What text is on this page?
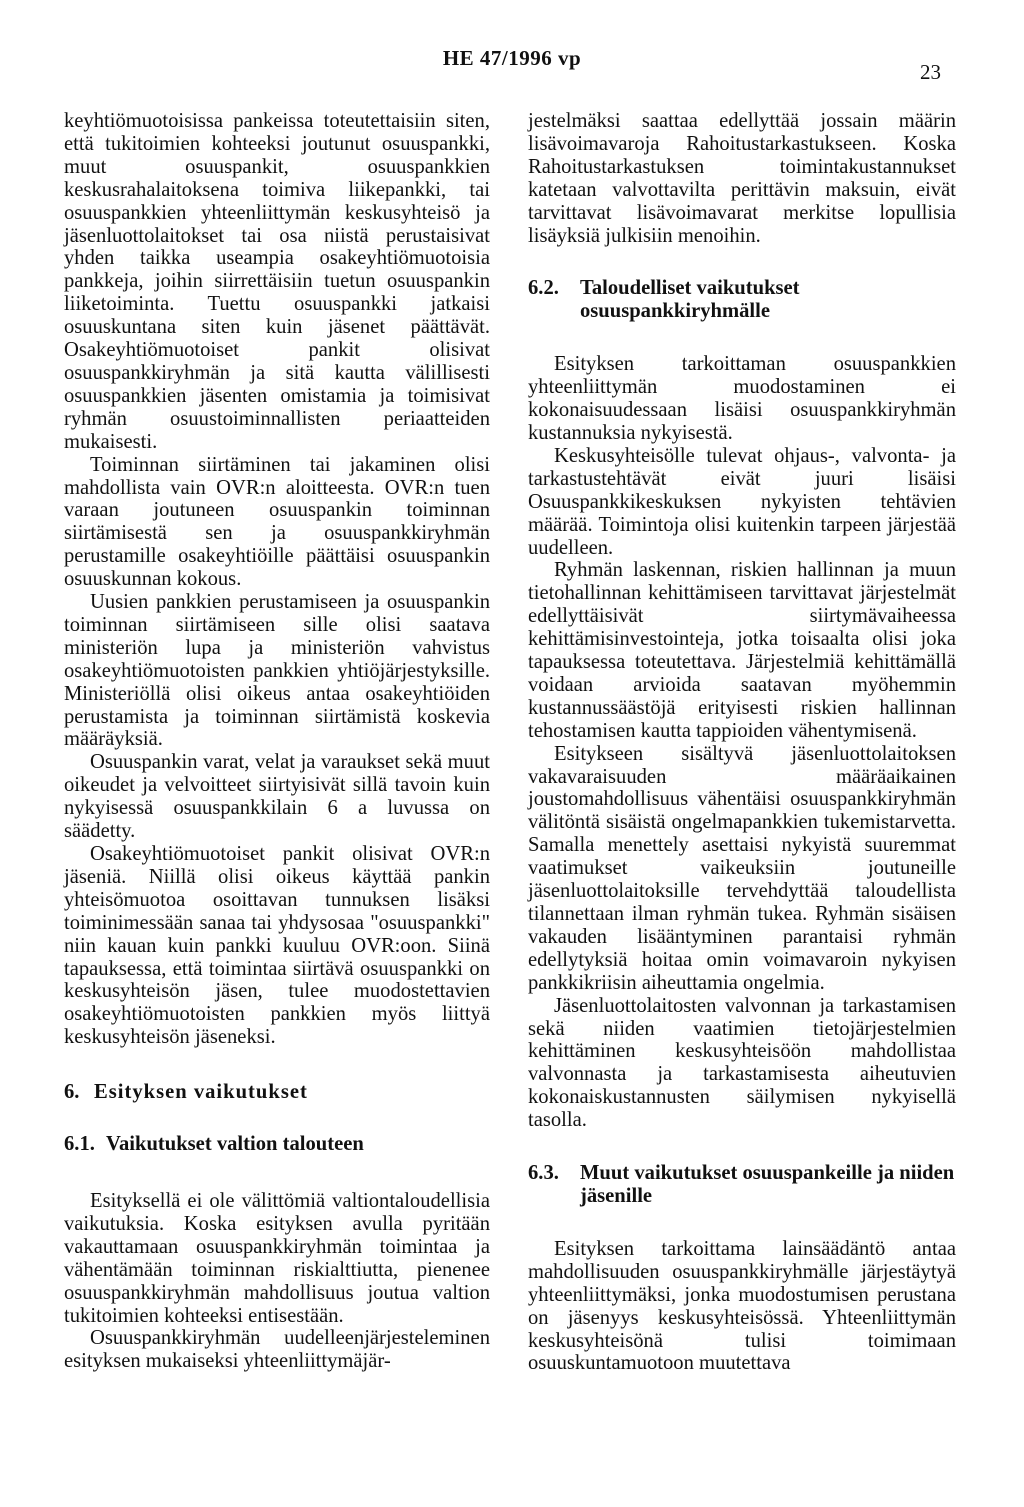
HE 47/1996 vp
23

keyhtiömuotoisissa pankeissa toteutettaisiin siten, että tukitoimien kohteeksi joutunut osuuspankki, muut osuuspankit, osuuspankkien keskusrahalaitoksena toimiva liikepankki, tai osuuspankkien yhteenliittymän keskusyhteisö ja jäsenluottolaitokset tai osa niistä perustaisivat yhden taikka useampia osakeyhtiömuotoisia pankkeja, joihin siirrettäisiin tuetun osuuspankin liiketoiminta. Tuettu osuuspankki jatkaisi osuuskuntana siten kuin jäsenet päättävät. Osakeyhtiömuotoiset pankit olisivat osuuspankkiryhmän ja sitä kautta välillisesti osuuspankkien jäsenten omistamia ja toimisivat ryhmän osuustoiminnallisten periaatteiden mukaisesti.

Toiminnan siirtäminen tai jakaminen olisi mahdollista vain OVR:n aloitteesta. OVR:n tuen varaan joutuneen osuuspankin toiminnan siirtämisestä sen ja osuuspankkiryhmän perustamille osakeyhtiöille päättäisi osuuspankin osuuskunnan kokous.

Uusien pankkien perustamiseen ja osuuspankin toiminnan siirtämiseen sille olisi saatava ministeriön lupa ja ministeriön vahvistus osakeyhtiömuotoisten pankkien yhtiöjärjestyksille. Ministeriöllä olisi oikeus antaa osakeyhtiöiden perustamista ja toiminnan siirtämistä koskevia määräyksiä.

Osuuspankin varat, velat ja varaukset sekä muut oikeudet ja velvoitteet siirtyisivät sillä tavoin kuin nykyisessä osuuspankkilain 6 a luvussa on säädetty.

Osakeyhtiömuotoiset pankit olisivat OVR:n jäseniä. Niillä olisi oikeus käyttää pankin yhteisömuotoa osoittavan tunnuksen lisäksi toiminimessään sanaa tai yhdysosaa "osuuspankki" niin kauan kuin pankki kuuluu OVR:oon. Siinä tapauksessa, että toimintaa siirtävä osuuspankki on keskusyhteisön jäsen, tulee muodostettavien osakeyhtiömuotoisten pankkien myös liittyä keskusyhteisön jäseneksi.

6. Esityksen vaikutukset
6.1. Vaikutukset valtion talouteen

Esityksellä ei ole välittömiä valtiontaloudellisia vaikutuksia. Koska esityksen avulla pyritään vakauttamaan osuuspankkiryhmän toimintaa ja vähentämään toiminnan riskialttiutta, pienenee osuuspankkiryhmän mahdollisuus joutua valtion tukitoimien kohteeksi entisestään.

Osuuspankkiryhmän uudelleenjärjesteleminen esityksen mukaiseksi yhteenliittymäjär-

jestelmäksi saattaa edellyttää jossain määrin lisävoimavaroja Rahoitustarkastukseen. Koska Rahoitustarkastuksen toimintakustannukset katetaan valvottavilta perittävin maksuin, eivät tarvittavat lisävoimavarat merkitse lopullisia lisäyksiä julkisiin menoihin.

6.2.	Taloudelliset vaikutukset osuuspankkiryhmälle

Esityksen tarkoittaman osuuspankkien yhteenliittymän muodostaminen ei kokonaisuudessaan lisäisi osuuspankkiryhmän kustannuksia nykyisestä.

Keskusyhteisölle tulevat ohjaus-, valvonta- ja tarkastustehtävät eivät juuri lisäisi Osuuspankkikeskuksen nykyisten tehtävien määrää. Toimintoja olisi kuitenkin tarpeen järjestää uudelleen.

Ryhmän laskennan, riskien hallinnan ja muun tietohallinnan kehittämiseen tarvittavat järjestelmät edellyttäisivät siirtymävaiheessa kehittämisinvestointeja, jotka toisaalta olisi joka tapauksessa toteutettava. Järjestelmiä kehittämällä voidaan arvioida saatavan myöhemmin kustannussäästöjä erityisesti riskien hallinnan tehostamisen kautta tappioiden vähentymisenä.

Esitykseen sisältyvä jäsenluottolaitoksen vakavaraisuuden määräaikainen joustomahdollisuus vähentäisi osuuspankkiryhmän välitöntä sisäistä ongelmapankkien tukemistarvetta. Samalla menettely asettaisi nykyistä suuremmat vaatimukset vaikeuksiin joutuneille jäsenluottolaitoksille tervehdyttää taloudellista tilannettaan ilman ryhmän tukea. Ryhmän sisäisen vakauden lisääntyminen parantaisi ryhmän edellytyksiä hoitaa omin voimavaroin nykyisen pankkikriisin aiheuttamia ongelmia.

Jäsenluottolaitosten valvonnan ja tarkastamisen sekä niiden vaatimien tietojärjestelmien kehittäminen keskusyhteisöön mahdollistaa valvonnasta ja tarkastamisesta aiheutuvien kokonaiskustannusten säilymisen nykyisellä tasolla.

6.3.	Muut vaikutukset osuuspankeille ja niiden jäsenille

Esityksen tarkoittama lainsäädäntö antaa mahdollisuuden osuuspankkiryhmälle järjestäytyä yhteenliittymäksi, jonka muodostumisen perustana on jäsenyys keskusyhteisössä. Yhteenliittymän keskusyhteisönä tulisi toimimaan osuuskuntamuotoon muutettava
